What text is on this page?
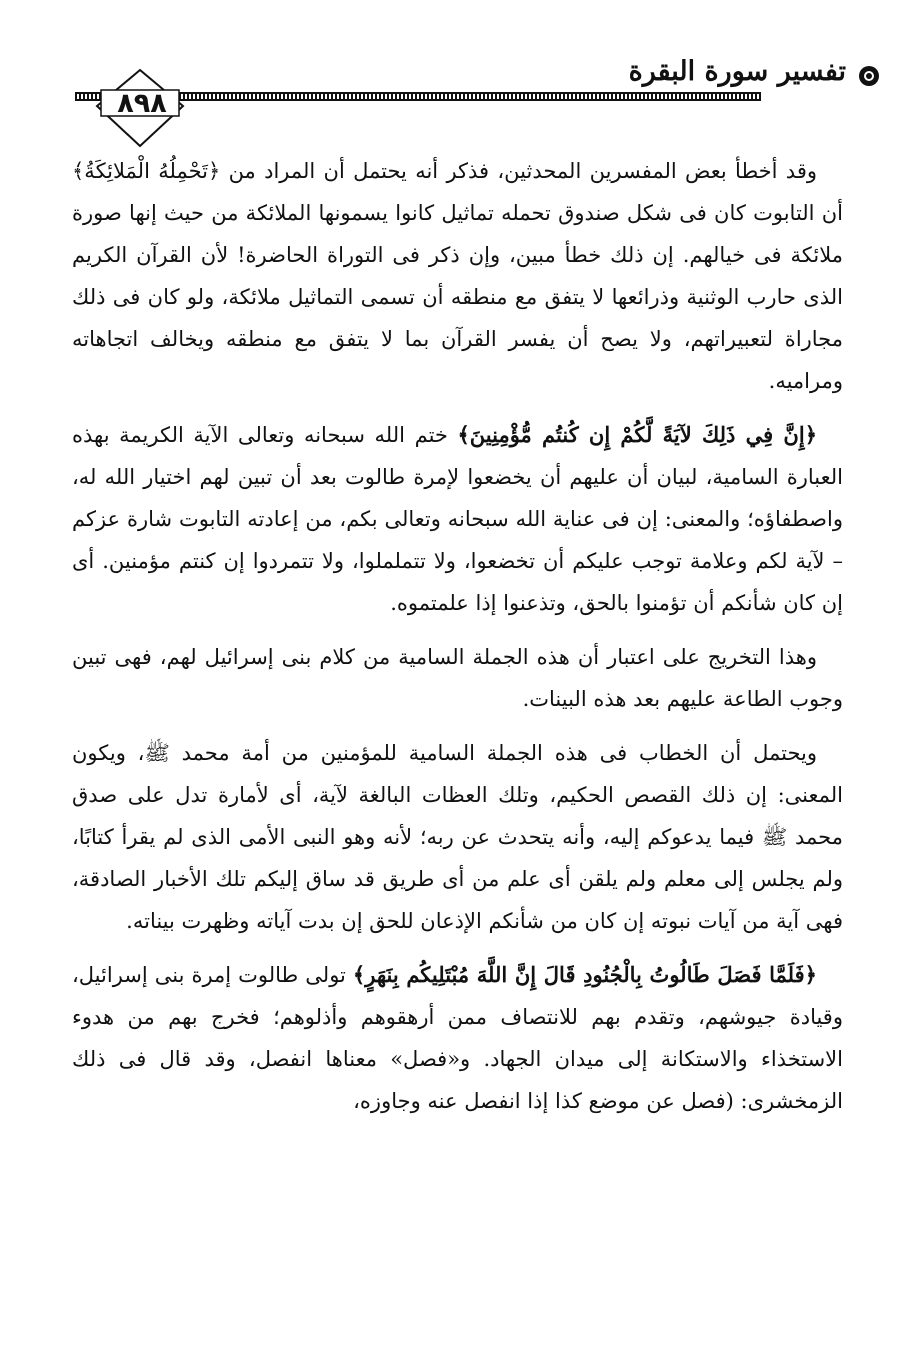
تفسير سورة البقرة
٨٩٨

وقد أخطأ بعض المفسرين المحدثين، فذكر أنه يحتمل أن المراد من ﴿تَحْمِلُهُ الْمَلائِكَةُ﴾ أن التابوت كان فى شكل صندوق تحمله تماثيل كانوا يسمونها الملائكة من حيث إنها صورة ملائكة فى خيالهم. إن ذلك خطأ مبين، وإن ذكر فى التوراة الحاضرة! لأن القرآن الكريم الذى حارب الوثنية وذرائعها لا يتفق مع منطقه أن تسمى التماثيل ملائكة، ولو كان فى ذلك مجاراة لتعبيراتهم، ولا يصح أن يفسر القرآن بما لا يتفق مع منطقه ويخالف اتجاهاته ومراميه.

﴿إِنَّ فِي ذَلِكَ لآيَةً لَّكُمْ إِن كُنتُم مُّؤْمِنِينَ﴾ ختم الله سبحانه وتعالى الآية الكريمة بهذه العبارة السامية، لبيان أن عليهم أن يخضعوا لإمرة طالوت بعد أن تبين لهم اختيار الله له، واصطفاؤه؛ والمعنى: إن فى عناية الله سبحانه وتعالى بكم، من إعادته التابوت شارة عزكم – لآية لكم وعلامة توجب عليكم أن تخضعوا، ولا تتململوا، ولا تتمردوا إن كنتم مؤمنين. أى إن كان شأنكم أن تؤمنوا بالحق، وتذعنوا إذا علمتموه.

وهذا التخريج على اعتبار أن هذه الجملة السامية من كلام بنى إسرائيل لهم، فهى تبين وجوب الطاعة عليهم بعد هذه البينات.

ويحتمل أن الخطاب فى هذه الجملة السامية للمؤمنين من أمة محمد ﷺ، ويكون المعنى: إن ذلك القصص الحكيم، وتلك العظات البالغة لآية، أى لأمارة تدل على صدق محمد ﷺ فيما يدعوكم إليه، وأنه يتحدث عن ربه؛ لأنه وهو النبى الأمى الذى لم يقرأ كتابًا، ولم يجلس إلى معلم ولم يلقن أى علم من أى طريق قد ساق إليكم تلك الأخبار الصادقة، فهى آية من آيات نبوته إن كان من شأنكم الإذعان للحق إن بدت آياته وظهرت بيناته.

﴿فَلَمَّا فَصَلَ طَالُوتُ بِالْجُنُودِ قَالَ إِنَّ اللَّهَ مُبْتَلِيكُم بِنَهَرٍ﴾ تولى طالوت إمرة بنى إسرائيل، وقيادة جيوشهم، وتقدم بهم للانتصاف ممن أرهقوهم وأذلوهم؛ فخرج بهم من هدوء الاستخذاء والاستكانة إلى ميدان الجهاد. و«فصل» معناها انفصل، وقد قال فى ذلك الزمخشرى: (فصل عن موضع كذا إذا انفصل عنه وجاوزه،
